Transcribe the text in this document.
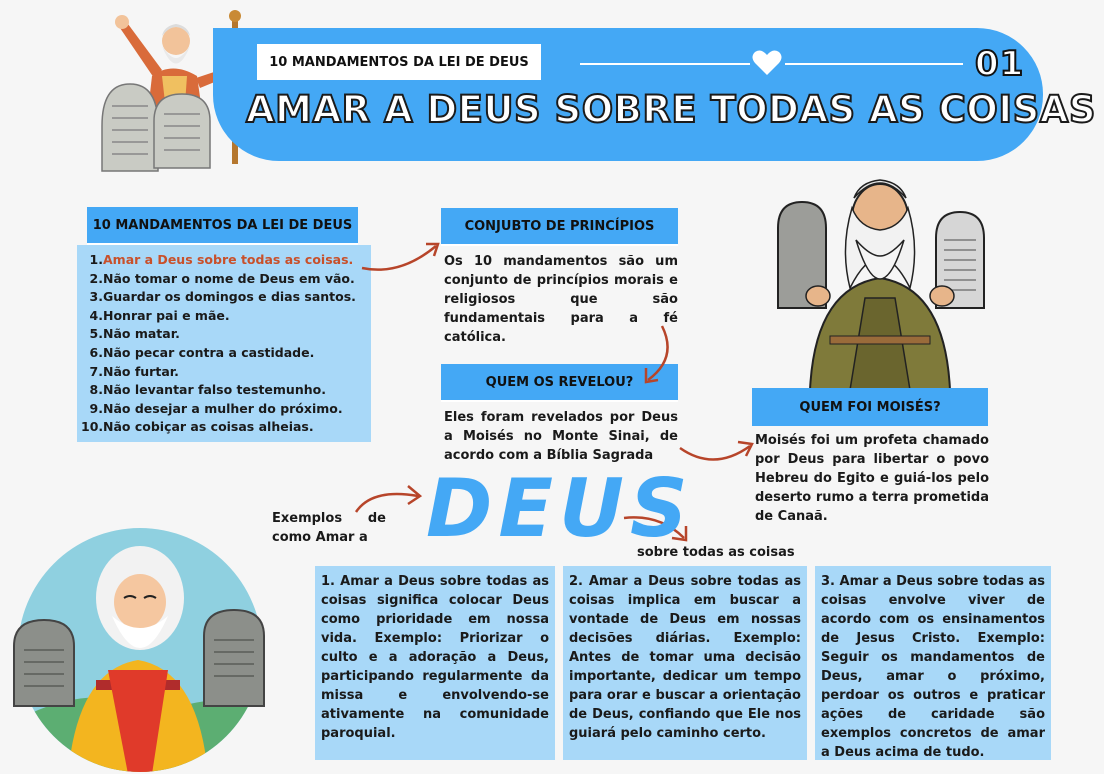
10 MANDAMENTOS DA LEI DE DEUS	01
AMAR A DEUS SOBRE TODAS AS COISAS
10 MANDAMENTOS DA LEI DE DEUS
1. Amar a Deus sobre todas as coisas.
2. Não tomar o nome de Deus em vão.
3. Guardar os domingos e dias santos.
4. Honrar pai e mãe.
5. Não matar.
6. Não pecar contra a castidade.
7. Não furtar.
8. Não levantar falso testemunho.
9. Não desejar a mulher do próximo.
10. Não cobiçar as coisas alheias.
CONJUBTO DE PRINCÍPIOS
Os 10 mandamentos são um conjunto de princípios morais e religiosos que são fundamentais para a fé católica.
QUEM OS REVELOU?
Eles foram revelados por Deus a Moisés no Monte Sinai, de acordo com a Bíblia Sagrada
QUEM FOI MOISÉS?
Moisés foi um profeta chamado por Deus para libertar o povo Hebreu do Egito e guiá-los pelo deserto rumo a terra prometida de Canaã.
Exemplos de como Amar a DEUS
sobre todas as coisas
1. Amar a Deus sobre todas as coisas significa colocar Deus como prioridade em nossa vida. Exemplo: Priorizar o culto e a adoração a Deus, participando regularmente da missa e envolvendo-se ativamente na comunidade paroquial.
2. Amar a Deus sobre todas as coisas implica em buscar a vontade de Deus em nossas decisões diárias. Exemplo: Antes de tomar uma decisão importante, dedicar um tempo para orar e buscar a orientação de Deus, confiando que Ele nos guiará pelo caminho certo.
3. Amar a Deus sobre todas as coisas envolve viver de acordo com os ensinamentos de Jesus Cristo. Exemplo: Seguir os mandamentos de Deus, amar o próximo, perdoar os outros e praticar ações de caridade são exemplos concretos de amar a Deus acima de tudo.
